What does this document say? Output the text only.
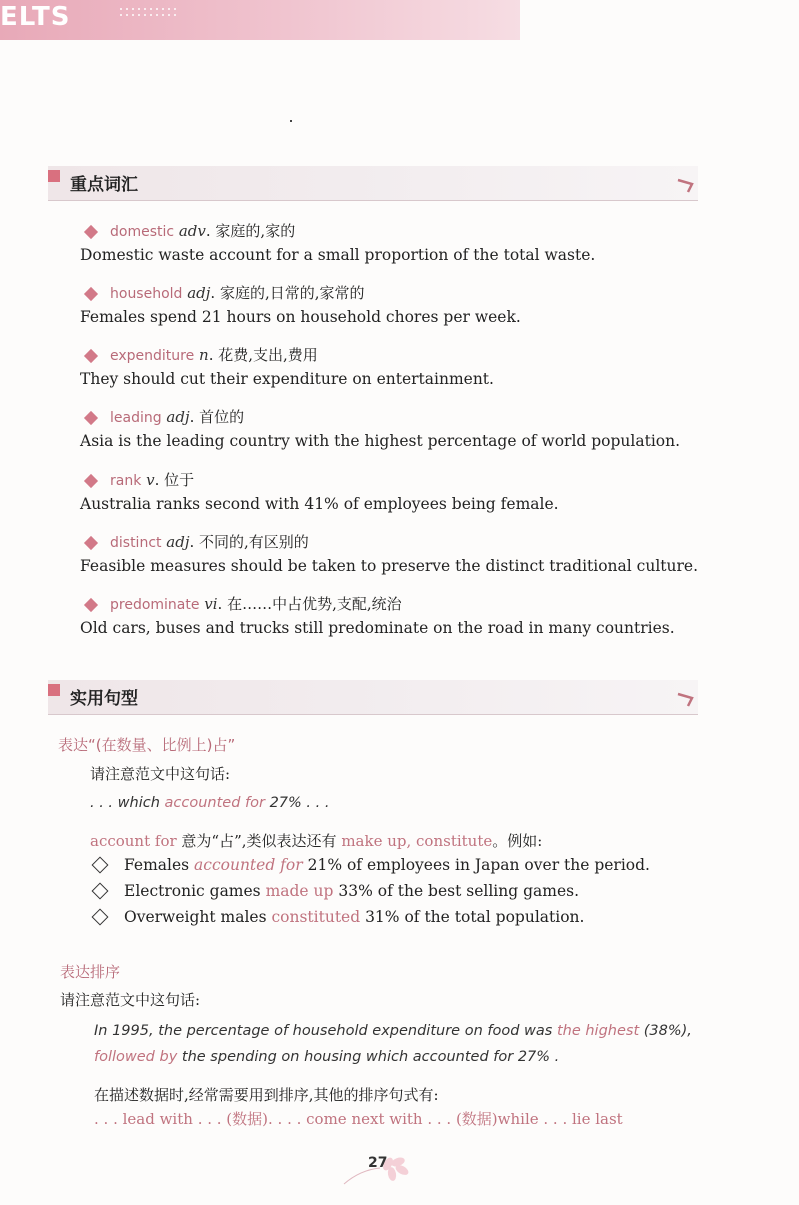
ELTS
重点词汇
domestic adv. 家庭的,家的
Domestic waste account for a small proportion of the total waste.
household adj. 家庭的,日常的,家常的
Females spend 21 hours on household chores per week.
expenditure n. 花费,支出,费用
They should cut their expenditure on entertainment.
leading adj. 首位的
Asia is the leading country with the highest percentage of world population.
rank v. 位于
Australia ranks second with 41% of employees being female.
distinct adj. 不同的,有区别的
Feasible measures should be taken to preserve the distinct traditional culture.
predominate vi. 在……中占优势,支配,统治
Old cars, buses and trucks still predominate on the road in many countries.
实用句型
表达“(在数量、比例上)占”
请注意范文中这句话:
. . . which accounted for 27% . . .
account for 意为“占”,类似表达还有 make up, constitute。例如:
Females accounted for 21% of employees in Japan over the period.
Electronic games made up 33% of the best selling games.
Overweight males constituted 31% of the total population.
表达排序
请注意范文中这句话:
In 1995, the percentage of household expenditure on food was the highest (38%),
followed by the spending on housing which accounted for 27% .
在描述数据时,经常需要用到排序,其他的排序句式有:
. . . lead with . . . (数据). . . . come next with . . . (数据)while . . . lie last
27
